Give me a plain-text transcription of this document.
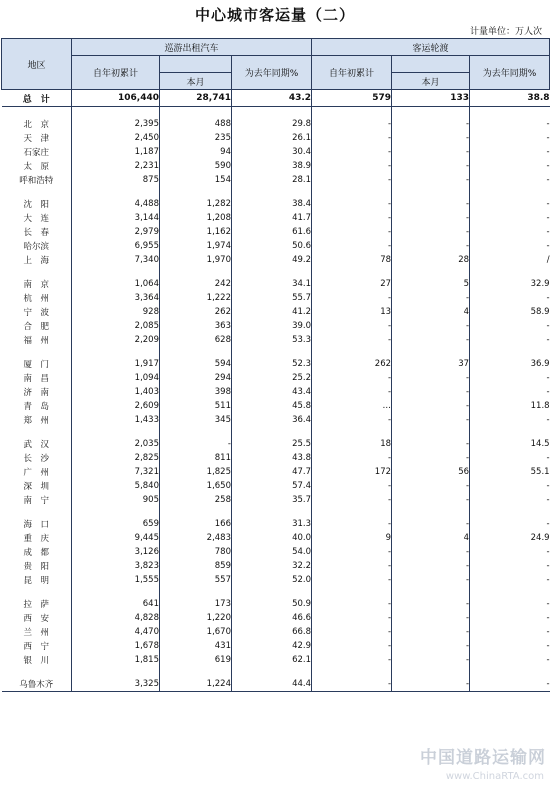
中心城市客运量（二）
计量单位：万人次
地区	巡游出租汽车			客运轮渡		
	自年初累计		为去年同期%	自年初累计		为去年同期%
		本月			本月	
总　计	106,440	28,741	43.2	579	133	38.8

北　京	2,395	488	29.8	-	-	-
天　津	2,450	235	26.1	-	-	-
石家庄	1,187	94	30.4	-	-	-
太　原	2,231	590	38.9	-	-	-
呼和浩特	875	154	28.1	-	-	-

沈　阳	4,488	1,282	38.4	-	-	-
大　连	3,144	1,208	41.7	-	-	-
长　春	2,979	1,162	61.6	-	-	-
哈尔滨	6,955	1,974	50.6	-	-	-
上　海	7,340	1,970	49.2	78	28	/

南　京	1,064	242	34.1	27	5	32.9
杭　州	3,364	1,222	55.7	-	-	-
宁　波	928	262	41.2	13	4	58.9
合　肥	2,085	363	39.0	-	-	-
福　州	2,209	628	53.3	-	-	-

厦　门	1,917	594	52.3	262	37	36.9
南　昌	1,094	294	25.2	-	-	-
济　南	1,403	398	43.4	-	-	-
青　岛	2,609	511	45.8	…	-	11.8
郑　州	1,433	345	36.4	-	-	-

武　汉	2,035	-	25.5	18	-	14.5
长　沙	2,825	811	43.8	-	-	-
广　州	7,321	1,825	47.7	172	56	55.1
深　圳	5,840	1,650	57.4	-	-	-
南　宁	905	258	35.7	-	-	-

海　口	659	166	31.3	-	-	-
重　庆	9,445	2,483	40.0	9	4	24.9
成　都	3,126	780	54.0	-	-	-
贵　阳	3,823	859	32.2	-	-	-
昆　明	1,555	557	52.0	-	-	-

拉　萨	641	173	50.9	-	-	-
西　安	4,828	1,220	46.6	-	-	-
兰　州	4,470	1,670	66.8	-	-	-
西　宁	1,678	431	42.9	-	-	-
银　川	1,815	619	62.1	-	-	-

乌鲁木齐	3,325	1,224	44.4	-	-	-
中国道路运输网
www.ChinaRTA.com
